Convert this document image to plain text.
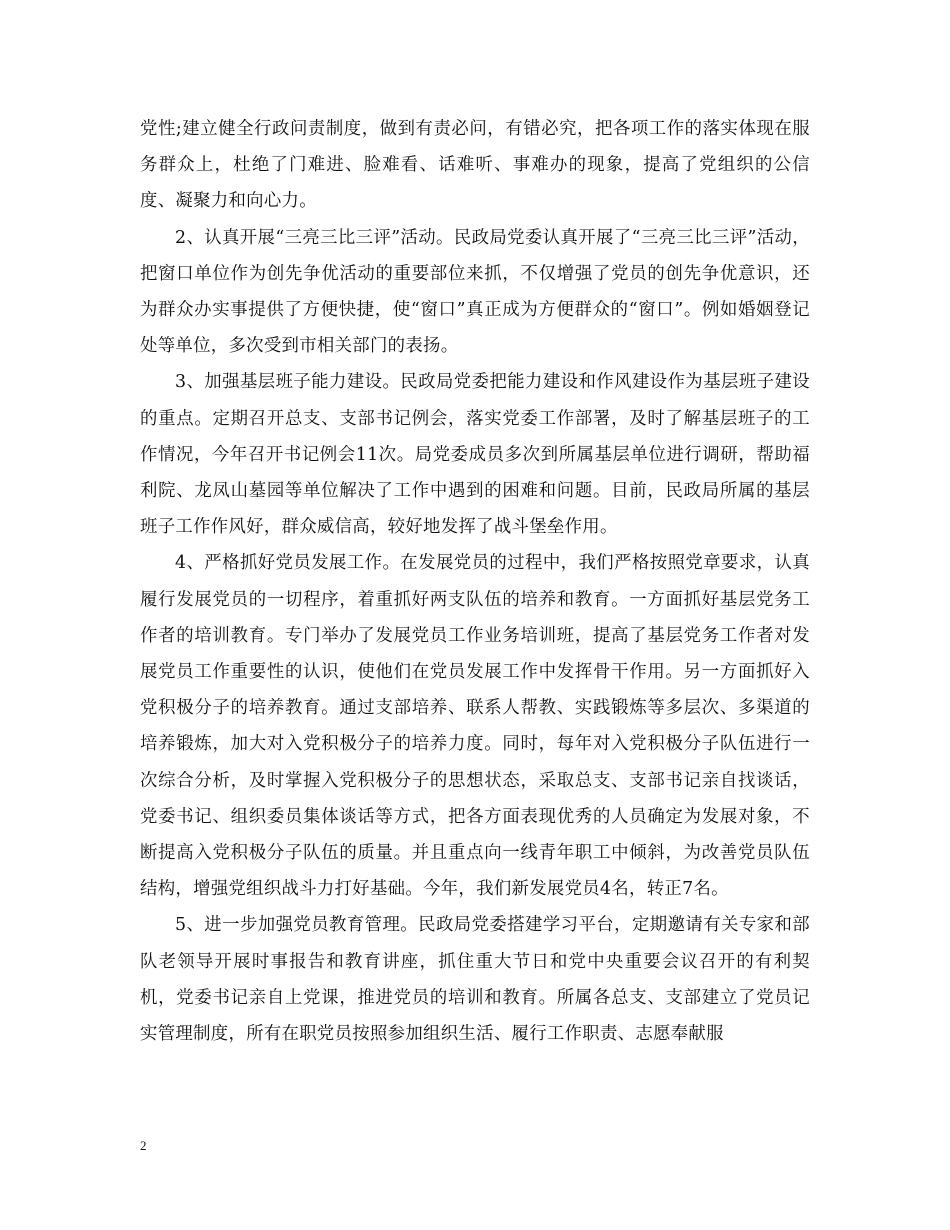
党性;建立健全行政问责制度，做到有责必问，有错必究，把各项工作的落实体现在服务群众上，杜绝了门难进、脸难看、话难听、事难办的现象，提高了党组织的公信度、凝聚力和向心力。

2、认真开展“三亮三比三评”活动。民政局党委认真开展了“三亮三比三评”活动，把窗口单位作为创先争优活动的重要部位来抓，不仅增强了党员的创先争优意识，还为群众办实事提供了方便快捷，使“窗口”真正成为方便群众的“窗口”。例如婚姻登记处等单位，多次受到市相关部门的表扬。

3、加强基层班子能力建设。民政局党委把能力建设和作风建设作为基层班子建设的重点。定期召开总支、支部书记例会，落实党委工作部署，及时了解基层班子的工作情况，今年召开书记例会11次。局党委成员多次到所属基层单位进行调研，帮助福利院、龙凤山墓园等单位解决了工作中遇到的困难和问题。目前，民政局所属的基层班子工作作风好，群众威信高，较好地发挥了战斗堡垒作用。

4、严格抓好党员发展工作。在发展党员的过程中，我们严格按照党章要求，认真履行发展党员的一切程序，着重抓好两支队伍的培养和教育。一方面抓好基层党务工作者的培训教育。专门举办了发展党员工作业务培训班，提高了基层党务工作者对发展党员工作重要性的认识，使他们在党员发展工作中发挥骨干作用。另一方面抓好入党积极分子的培养教育。通过支部培养、联系人帮教、实践锻炼等多层次、多渠道的培养锻炼，加大对入党积极分子的培养力度。同时，每年对入党积极分子队伍进行一次综合分析，及时掌握入党积极分子的思想状态，采取总支、支部书记亲自找谈话，党委书记、组织委员集体谈话等方式，把各方面表现优秀的人员确定为发展对象，不断提高入党积极分子队伍的质量。并且重点向一线青年职工中倾斜，为改善党员队伍结构，增强党组织战斗力打好基础。今年，我们新发展党员4名，转正7名。

5、进一步加强党员教育管理。民政局党委搭建学习平台，定期邀请有关专家和部队老领导开展时事报告和教育讲座，抓住重大节日和党中央重要会议召开的有利契机，党委书记亲自上党课，推进党员的培训和教育。所属各总支、支部建立了党员记实管理制度，所有在职党员按照参加组织生活、履行工作职责、志愿奉献服

2
